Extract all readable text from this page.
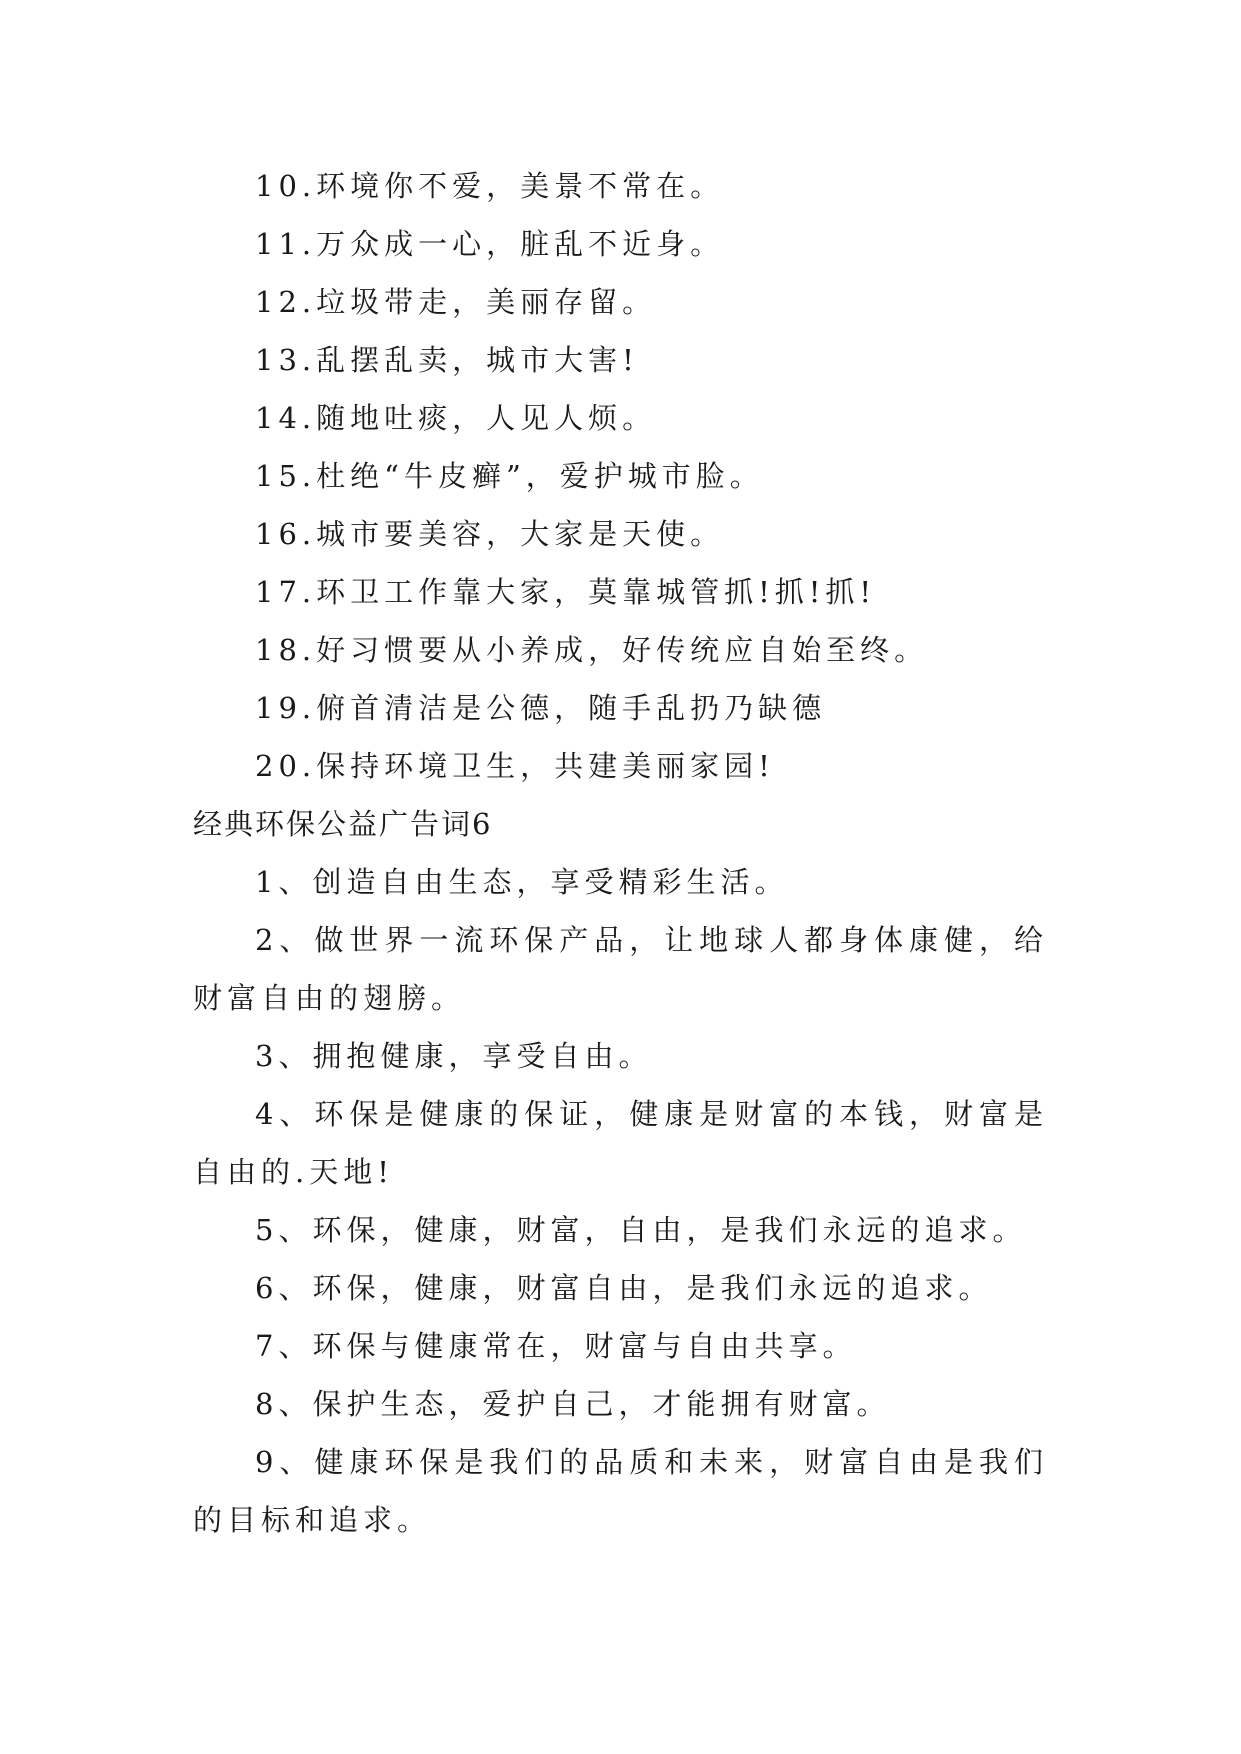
10.环境你不爱，美景不常在。

11.万众成一心，脏乱不近身。

12.垃圾带走，美丽存留。

13.乱摆乱卖，城市大害!

14.随地吐痰，人见人烦。

15.杜绝“牛皮癣”，爱护城市脸。

16.城市要美容，大家是天使。

17.环卫工作靠大家，莫靠城管抓!抓!抓!

18.好习惯要从小养成，好传统应自始至终。

19.俯首清洁是公德，随手乱扔乃缺德

20.保持环境卫生，共建美丽家园!

经典环保公益广告词6

1、创造自由生态，享受精彩生活。

2、做世界一流环保产品，让地球人都身体康健，给财富自由的翅膀。

3、拥抱健康，享受自由。

4、环保是健康的保证，健康是财富的本钱，财富是自由的.天地!

5、环保，健康，财富，自由，是我们永远的追求。

6、环保，健康，财富自由，是我们永远的追求。

7、环保与健康常在，财富与自由共享。

8、保护生态，爱护自己，才能拥有财富。

9、健康环保是我们的品质和未来，财富自由是我们的目标和追求。
